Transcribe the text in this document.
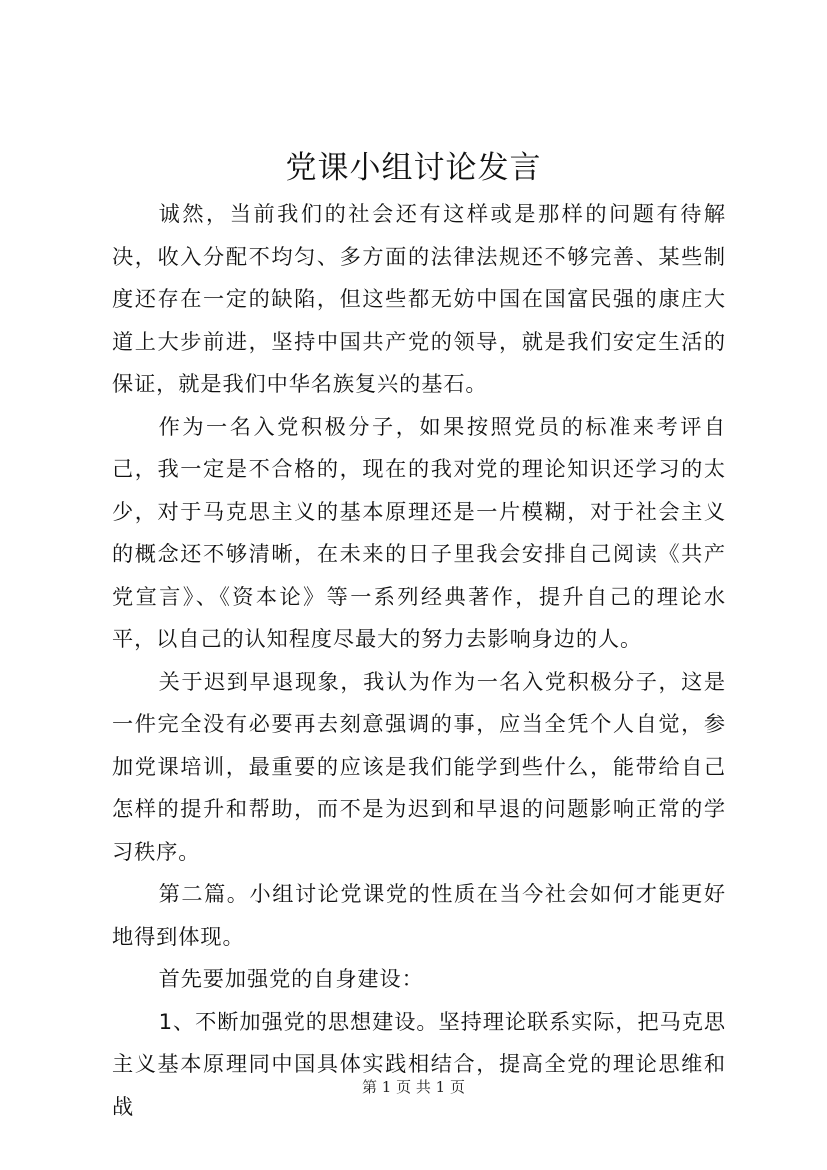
党课小组讨论发言

诚然，当前我们的社会还有这样或是那样的问题有待解决，收入分配不均匀、多方面的法律法规还不够完善、某些制度还存在一定的缺陷，但这些都无妨中国在国富民强的康庄大道上大步前进，坚持中国共产党的领导，就是我们安定生活的保证，就是我们中华名族复兴的基石。

作为一名入党积极分子，如果按照党员的标准来考评自己，我一定是不合格的，现在的我对党的理论知识还学习的太少，对于马克思主义的基本原理还是一片模糊，对于社会主义的概念还不够清晰，在未来的日子里我会安排自己阅读《共产党宣言》、《资本论》等一系列经典著作，提升自己的理论水平，以自己的认知程度尽最大的努力去影响身边的人。

关于迟到早退现象，我认为作为一名入党积极分子，这是一件完全没有必要再去刻意强调的事，应当全凭个人自觉，参加党课培训，最重要的应该是我们能学到些什么，能带给自己怎样的提升和帮助，而不是为迟到和早退的问题影响正常的学习秩序。

第二篇。小组讨论党课党的性质在当今社会如何才能更好地得到体现。

首先要加强党的自身建设：

1、不断加强党的思想建设。坚持理论联系实际，把马克思主义基本原理同中国具体实践相结合，提高全党的理论思维和战

第 1 页 共 1 页
